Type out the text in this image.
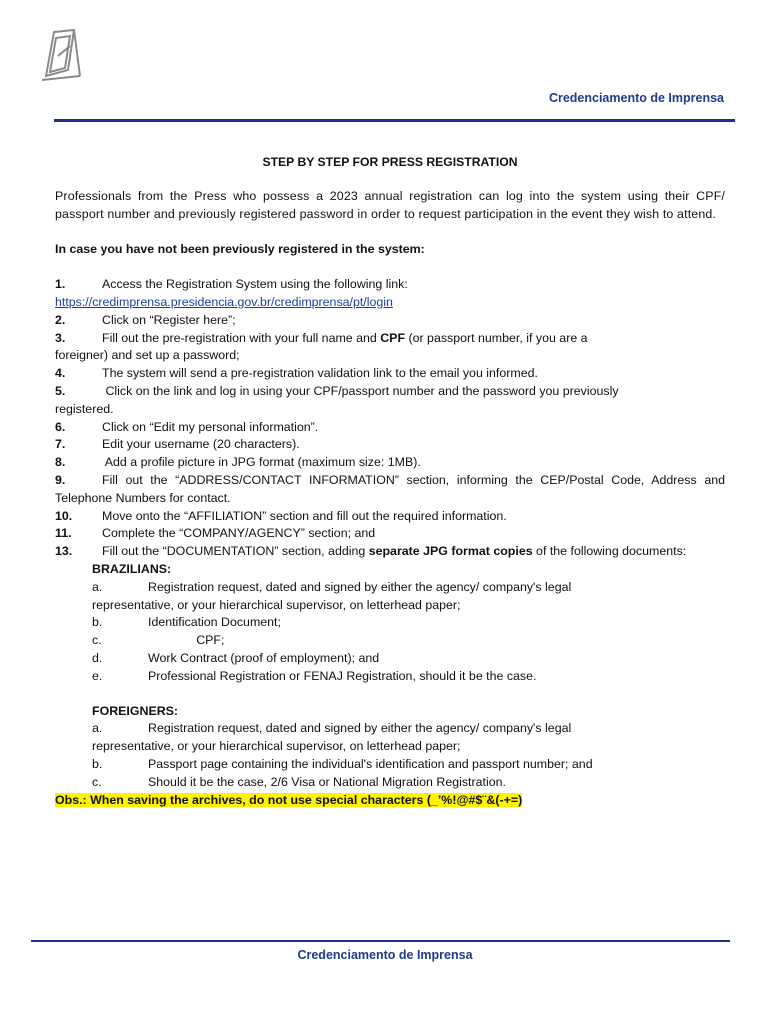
Credenciamento de Imprensa
STEP BY STEP FOR PRESS REGISTRATION
Professionals from the Press who possess a 2023 annual registration can log into the system using their CPF/ passport number and previously registered password in order to request participation in the event they wish to attend.
In case you have not been previously registered in the system:
1.	Access the Registration System using the following link:
https://credimprensa.presidencia.gov.br/credimprensa/pt/login
2.	Click on “Register here”;
3.	Fill out the pre-registration with your full name and CPF (or passport number, if you are a
foreigner) and set up a password;
4.	The system will send a pre-registration validation link to the email you informed.
5.	Click on the link and log in using your CPF/passport number and the password you previously
registered.
6.	Click on “Edit my personal information”.
7.	Edit your username (20 characters).
8.	Add a profile picture in JPG format (maximum size: 1MB).
9.	Fill out the “ADDRESS/CONTACT INFORMATION” section, informing the CEP/Postal Code, Address and Telephone Numbers for contact.
10. Move onto the “AFFILIATION” section and fill out the required information.
11. Complete the “COMPANY/AGENCY” section; and
13. Fill out the “DOCUMENTATION” section, adding separate JPG format copies of the following documents:
BRAZILIANS:
a.	Registration request, dated and signed by either the agency/ company's legal
representative, or your hierarchical supervisor, on letterhead paper;
b.	Identification Document;
c.	CPF;
d.	Work Contract (proof of employment); and
e.	Professional Registration or FENAJ Registration, should it be the case.
FOREIGNERS:
a.	Registration request, dated and signed by either the agency/ company's legal
representative, or your hierarchical supervisor, on letterhead paper;
b.	Passport page containing the individual's identification and passport number; and
c.	Should it be the case, 2/6 Visa or National Migration Registration.
Obs.: When saving the archives, do not use special characters (_’%!@#$¨&(-+=)
Credenciamento de Imprensa
